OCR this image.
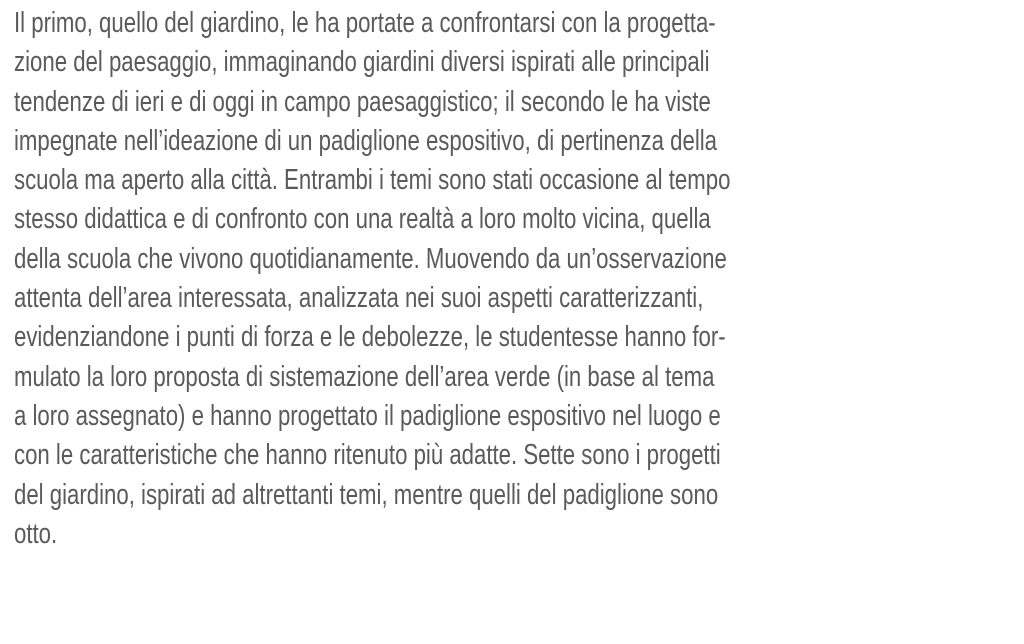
Il primo, quello del giardino, le ha portate a confrontarsi con la progetta-
zione del paesaggio, immaginando giardini diversi ispirati alle principali
tendenze di ieri e di oggi in campo paesaggistico; il secondo le ha viste
impegnate nell’ideazione di un padiglione espositivo, di pertinenza della
scuola ma aperto alla città. Entrambi i temi sono stati occasione al tempo
stesso didattica e di confronto con una realtà a loro molto vicina, quella
della scuola che vivono quotidianamente. Muovendo da un’osservazione
attenta dell’area interessata, analizzata nei suoi aspetti caratterizzanti,
evidenziandone i punti di forza e le debolezze, le studentesse hanno for-
mulato la loro proposta di sistemazione dell’area verde (in base al tema
a loro assegnato) e hanno progettato il padiglione espositivo nel luogo e
con le caratteristiche che hanno ritenuto più adatte. Sette sono i progetti
del giardino, ispirati ad altrettanti temi, mentre quelli del padiglione sono
otto.
